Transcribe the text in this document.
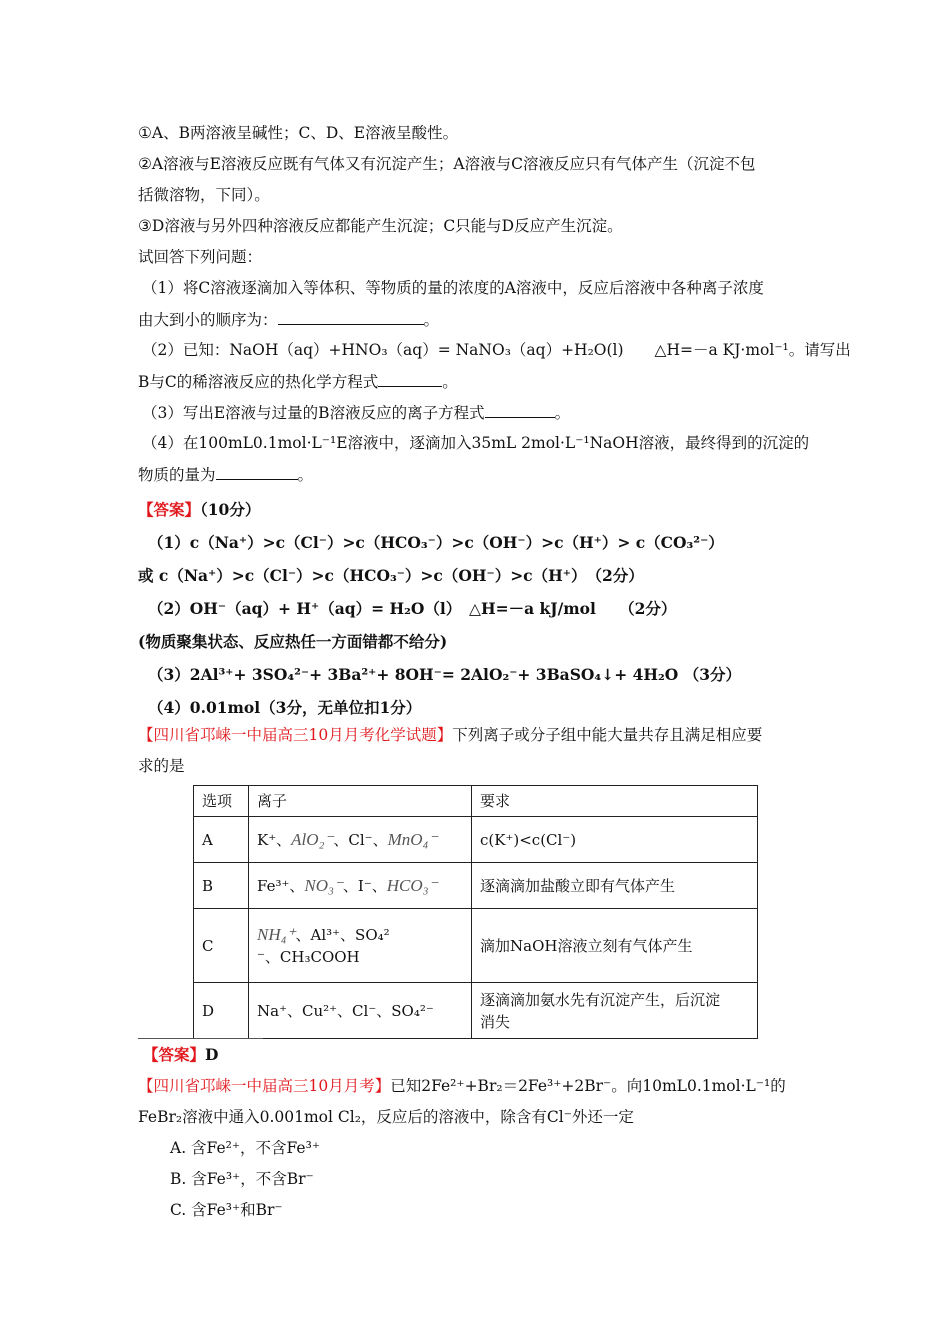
①A、B两溶液呈碱性；C、D、E溶液呈酸性。
②A溶液与E溶液反应既有气体又有沉淀产生；A溶液与C溶液反应只有气体产生（沉淀不包
括微溶物，下同）。
③D溶液与另外四种溶液反应都能产生沉淀；C只能与D反应产生沉淀。
试回答下列问题：
（1）将C溶液逐滴加入等体积、等物质的量的浓度的A溶液中，反应后溶液中各种离子浓度
由大到小的顺序为：	。
（2）已知：NaOH（aq）+HNO₃（aq）= NaNO₃（aq）+H₂O(l)　　△H=－a KJ·mol⁻¹。请写出
B与C的稀溶液反应的热化学方程式	。
（3）写出E溶液与过量的B溶液反应的离子方程式	。
（4）在100mL0.1mol·L⁻¹E溶液中，逐滴加入35mL 2mol·L⁻¹NaOH溶液，最终得到的沉淀的
物质的量为	。
【答案】（10分）
（1）c（Na⁺）>c（Cl⁻）>c（HCO₃⁻）>c（OH⁻）>c（H⁺）> c（CO₃²⁻）
或 c（Na⁺）>c（Cl⁻）>c（HCO₃⁻）>c（OH⁻）>c（H⁺）　（2分）
（2）OH⁻（aq）+ H⁺（aq）= H₂O（l）　△H=－a kJ/mol　　（2分）
(物质聚集状态、反应热任一方面错都不给分)
（3）2Al³⁺+ 3SO₄²⁻+ 3Ba²⁺+ 8OH⁻= 2AlO₂⁻+ 3BaSO₄↓+ 4H₂O （3分）
（4）0.01mol（3分，无单位扣1分）
【四川省邛崃一中届高三10月月考化学试题】下列离子或分子组中能大量共存且满足相应要
求的是
选项	离子	要求
A	K⁺、AlO₂⁻、Cl⁻、MnO₄⁻	c(K⁺)<c(Cl⁻)
B	Fe³⁺、NO₃⁻、I⁻、HCO₃⁻	逐滴滴加盐酸立即有气体产生
C	NH₄⁺、Al³⁺、SO₄²
⁻、CH₃COOH	滴加NaOH溶液立刻有气体产生
D	Na⁺、Cu²⁺、Cl⁻、SO₄²⁻	逐滴滴加氨水先有沉淀产生，后沉淀
消失
【答案】D
【四川省邛崃一中届高三10月月考】已知2Fe²⁺+Br₂＝2Fe³⁺+2Br⁻。向10mL0.1mol·L⁻¹的
FeBr₂溶液中通入0.001mol Cl₂，反应后的溶液中，除含有Cl⁻外还一定
A. 含Fe²⁺，不含Fe³⁺
B. 含Fe³⁺，不含Br⁻
C. 含Fe³⁺和Br⁻
